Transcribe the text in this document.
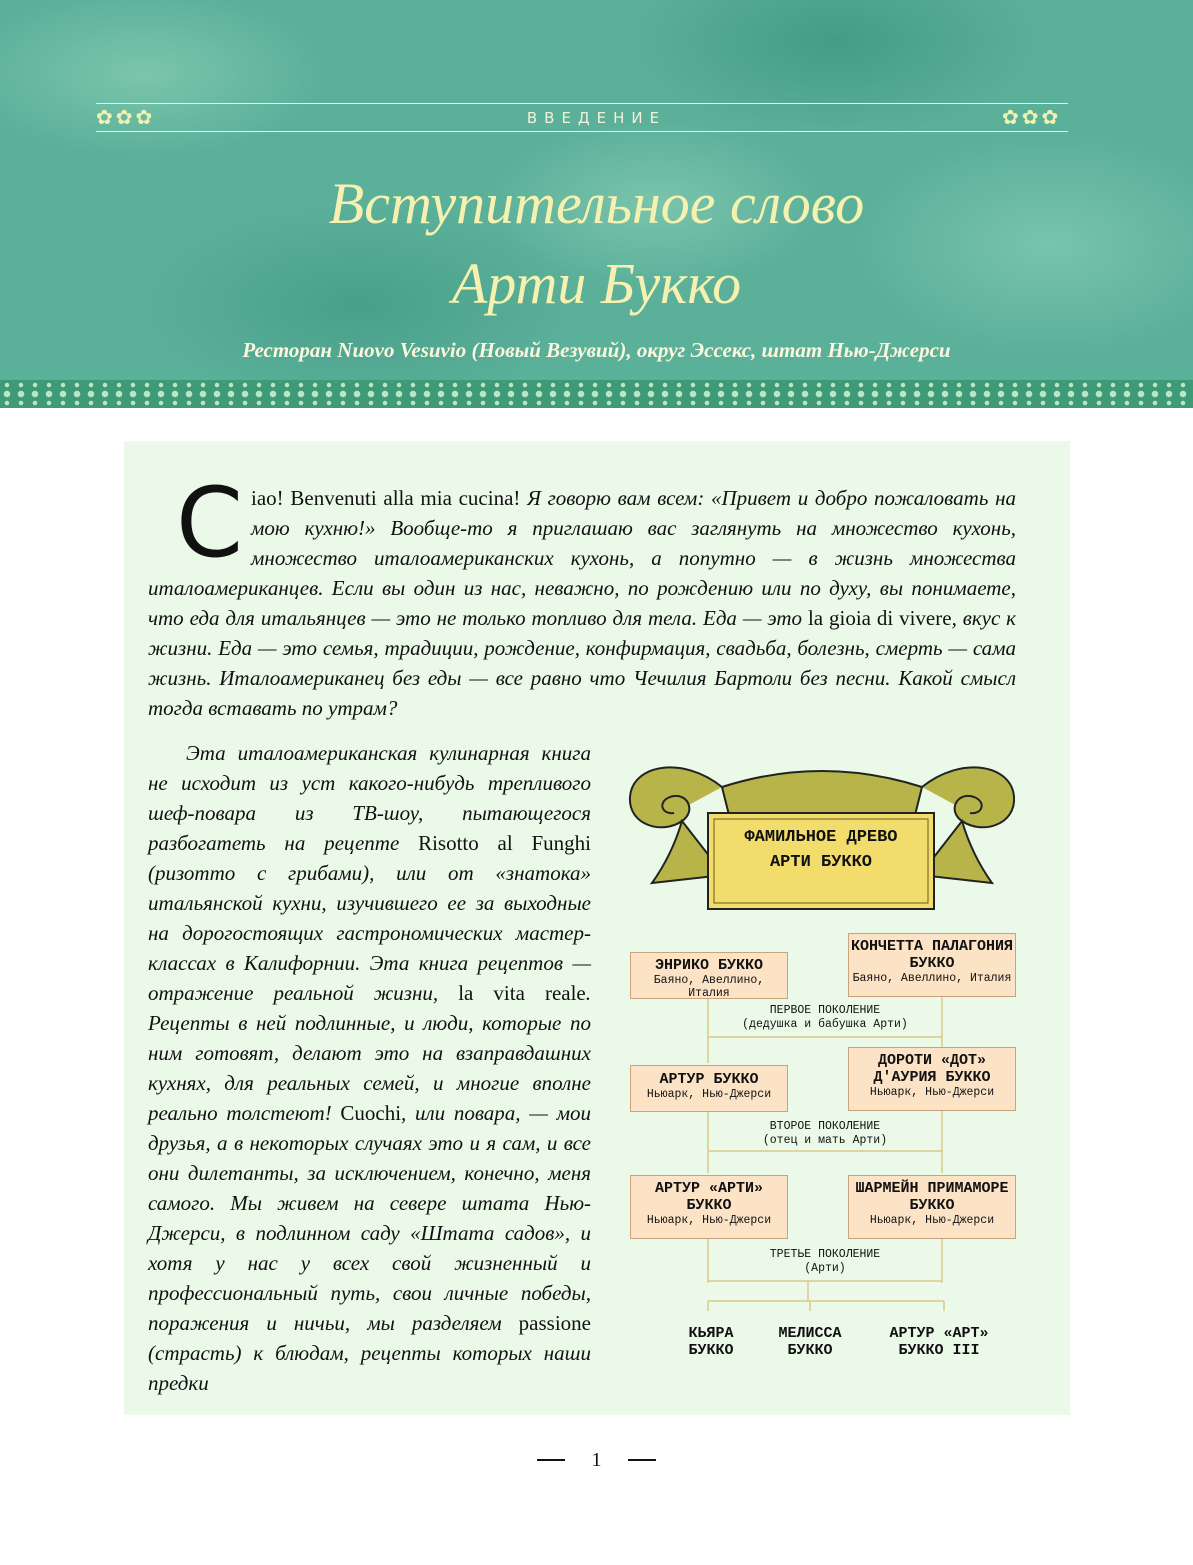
✿✿✿	✿✿✿
ВВЕДЕНИЕ
Вступительное слово
Арти Букко
Ресторан Nuovo Vesuvio (Новый Везувий), округ Эссекс, штат Нью-Джерси
Ciao! Benvenuti alla mia cucina! Я говорю вам всем: «Привет и добро пожаловать на мою кухню!» Вообще-то я приглашаю вас заглянуть на множество кухонь, множество италоамериканских кухонь, а попутно — в жизнь множества италоамериканцев. Если вы один из нас, неважно, по рождению или по духу, вы понимаете, что еда для итальянцев — это не только топливо для тела. Еда — это la gioia di vivere, вкус к жизни. Еда — это семья, традиции, рождение, конфирмация, свадьба, болезнь, смерть — сама жизнь. Италоамериканец без еды — все равно что Чечилия Бартоли без песни. Какой смысл тогда вставать по утрам?

Эта италоамериканская кулинарная книга не исходит из уст какого-нибудь трепливого шеф-повара из ТВ-шоу, пытающегося разбогатеть на рецепте Risotto al Funghi (ризотто с грибами), или от «знатока» итальянской кухни, изучившего ее за выходные на дорогостоящих гастрономических мастер-классах в Калифорнии. Эта книга рецептов — отражение реальной жизни, la vita reale. Рецепты в ней подлинные, и люди, которые по ним готовят, делают это на взаправдашних кухнях, для реальных семей, и многие вполне реально толстеют! Cuochi, или повара, — мои друзья, а в некоторых случаях это и я сам, и все они дилетанты, за исключением, конечно, меня самого. Мы живем на севере штата Нью-Джерси, в подлинном саду «Штата садов», и хотя у нас у всех свой жизненный и профессиональный путь, свои личные победы, поражения и ничьи, мы разделяем passione (страсть) к блюдам, рецепты которых наши предки

ФАМИЛЬНОЕ ДРЕВО
АРТИ БУККО
ЭНРИКО БУККО
Баяно, Авеллино, Италия
КОНЧЕТТА ПАЛАГОНИЯ БУККО
Баяно, Авеллино, Италия
ПЕРВОЕ ПОКОЛЕНИЕ
(дедушка и бабушка Арти)
АРТУР БУККО
Ньюарк, Нью-Джерси
ДОРОТИ «ДОТ» Д'АУРИЯ БУККО
Ньюарк, Нью-Джерси
ВТОРОЕ ПОКОЛЕНИЕ
(отец и мать Арти)
АРТУР «АРТИ» БУККО
Ньюарк, Нью-Джерси
ШАРМЕЙН ПРИМАМОРЕ БУККО
Ньюарк, Нью-Джерси
ТРЕТЬЕ ПОКОЛЕНИЕ
(Арти)
КЬЯРА БУККО
МЕЛИССА БУККО
АРТУР «АРТ» БУККО III
1
